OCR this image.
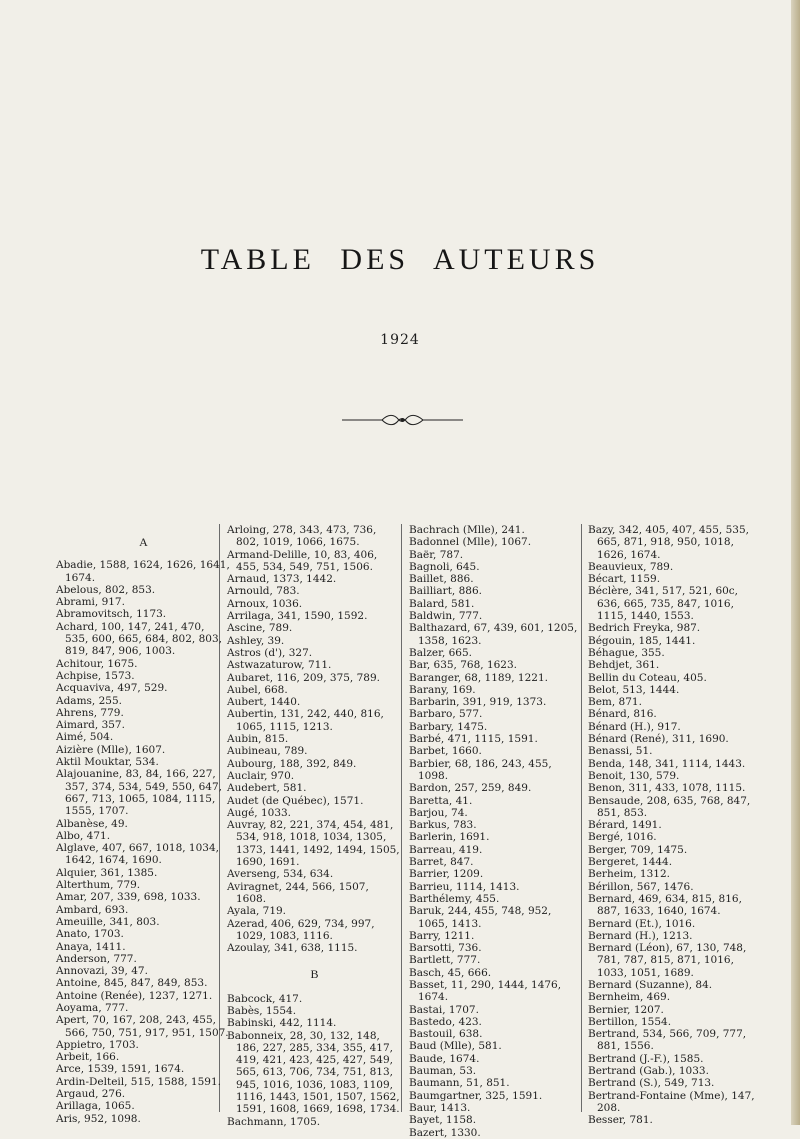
TABLE DES AUTEURS
1924
A

Abadie, 1588, 1624, 1626, 1641, 1674.

Abelous, 802, 853.

Abrami, 917.

Abramovitsch, 1173.

Achard, 100, 147, 241, 470, 535, 600, 665, 684, 802, 803, 819, 847, 906, 1003.

Achitour, 1675.

Achpise, 1573.

Acquaviva, 497, 529.

Adams, 255.

Ahrens, 779.

Aimard, 357.

Aimé, 504.

Aizière (Mlle), 1607.

Aktil Mouktar, 534.

Alajouanine, 83, 84, 166, 227, 357, 374, 534, 549, 550, 647, 667, 713, 1065, 1084, 1115, 1555, 1707.

Albanèse, 49.

Albo, 471.

Alglave, 407, 667, 1018, 1034, 1642, 1674, 1690.

Alquier, 361, 1385.

Alterthum, 779.

Amar, 207, 339, 698, 1033.

Ambard, 693.

Ameuille, 341, 803.

Anato, 1703.

Anaya, 1411.

Anderson, 777.

Annovazi, 39, 47.

Antoine, 845, 847, 849, 853.

Antoine (Renée), 1237, 1271.

Aoyama, 777.

Apert, 70, 167, 208, 243, 455, 566, 750, 751, 917, 951, 1507.

Appietro, 1703.

Arbeit, 166.

Arce, 1539, 1591, 1674.

Ardin-Delteil, 515, 1588, 1591.

Argaud, 276.

Arillaga, 1065.

Aris, 952, 1098.

Arloing, 278, 343, 473, 736, 802, 1019, 1066, 1675.

Armand-Delille, 10, 83, 406, 455, 534, 549, 751, 1506.

Arnaud, 1373, 1442.

Arnould, 783.

Arnoux, 1036.

Arrilaga, 341, 1590, 1592.

Ascine, 789.

Ashley, 39.

Astros (d'), 327.

Astwazaturow, 711.

Aubaret, 116, 209, 375, 789.

Aubel, 668.

Aubert, 1440.

Aubertin, 131, 242, 440, 816, 1065, 1115, 1213.

Aubin, 815.

Aubineau, 789.

Aubourg, 188, 392, 849.

Auclair, 970.

Audebert, 581.

Audet (de Québec), 1571.

Augé, 1033.

Auvray, 82, 221, 374, 454, 481, 534, 918, 1018, 1034, 1305, 1373, 1441, 1492, 1494, 1505, 1690, 1691.

Averseng, 534, 634.

Aviragnet, 244, 566, 1507, 1608.

Ayala, 719.

Azerad, 406, 629, 734, 997, 1029, 1083, 1116.

Azoulay, 341, 638, 1115.

B

Babcock, 417.

Babès, 1554.

Babinski, 442, 1114.

Babonneix, 28, 30, 132, 148, 186, 227, 285, 334, 355, 417, 419, 421, 423, 425, 427, 549, 565, 613, 706, 734, 751, 813, 945, 1016, 1036, 1083, 1109, 1116, 1443, 1501, 1507, 1562, 1591, 1608, 1669, 1698, 1734.

Bachmann, 1705.

Bachrach (Mlle), 241.

Badonnel (Mlle), 1067.

Baër, 787.

Bagnoli, 645.

Baillet, 886.

Bailliart, 886.

Balard, 581.

Baldwin, 777.

Balthazard, 67, 439, 601, 1205, 1358, 1623.

Balzer, 665.

Bar, 635, 768, 1623.

Baranger, 68, 1189, 1221.

Barany, 169.

Barbarin, 391, 919, 1373.

Barbaro, 577.

Barbary, 1475.

Barbé, 471, 1115, 1591.

Barbet, 1660.

Barbier, 68, 186, 243, 455, 1098.

Bardon, 257, 259, 849.

Baretta, 41.

Barjou, 74.

Barkus, 783.

Barlerin, 1691.

Barreau, 419.

Barret, 847.

Barrier, 1209.

Barrieu, 1114, 1413.

Barthélemy, 455.

Baruk, 244, 455, 748, 952, 1065, 1413.

Barry, 1211.

Barsotti, 736.

Bartlett, 777.

Basch, 45, 666.

Basset, 11, 290, 1444, 1476, 1674.

Bastai, 1707.

Bastedo, 423.

Bastouil, 638.

Baud (Mlle), 581.

Baude, 1674.

Bauman, 53.

Baumann, 51, 851.

Baumgartner, 325, 1591.

Baur, 1413.

Bayet, 1158.

Bazert, 1330.

Bazy, 342, 405, 407, 455, 535, 665, 871, 918, 950, 1018, 1626, 1674.

Beauvieux, 789.

Bécart, 1159.

Béclère, 341, 517, 521, 60c, 636, 665, 735, 847, 1016, 1115, 1440, 1553.

Bedrich Freyka, 987.

Bégouin, 185, 1441.

Béhague, 355.

Behdjet, 361.

Bellin du Coteau, 405.

Belot, 513, 1444.

Bem, 871.

Bénard, 816.

Bénard (H.), 917.

Bénard (René), 311, 1690.

Benassi, 51.

Benda, 148, 341, 1114, 1443.

Benoit, 130, 579.

Benon, 311, 433, 1078, 1115.

Bensaude, 208, 635, 768, 847, 851, 853.

Bérard, 1491.

Bergé, 1016.

Berger, 709, 1475.

Bergeret, 1444.

Berheim, 1312.

Bérillon, 567, 1476.

Bernard, 469, 634, 815, 816, 887, 1633, 1640, 1674.

Bernard (Et.), 1016.

Bernard (H.), 1213.

Bernard (Léon), 67, 130, 748, 781, 787, 815, 871, 1016, 1033, 1051, 1689.

Bernard (Suzanne), 84.

Bernheim, 469.

Bernier, 1207.

Bertillon, 1554.

Bertrand, 534, 566, 709, 777, 881, 1556.

Bertrand (J.-F.), 1585.

Bertrand (Gab.), 1033.

Bertrand (S.), 549, 713.

Bertrand-Fontaine (Mme), 147, 208.

Besser, 781.
